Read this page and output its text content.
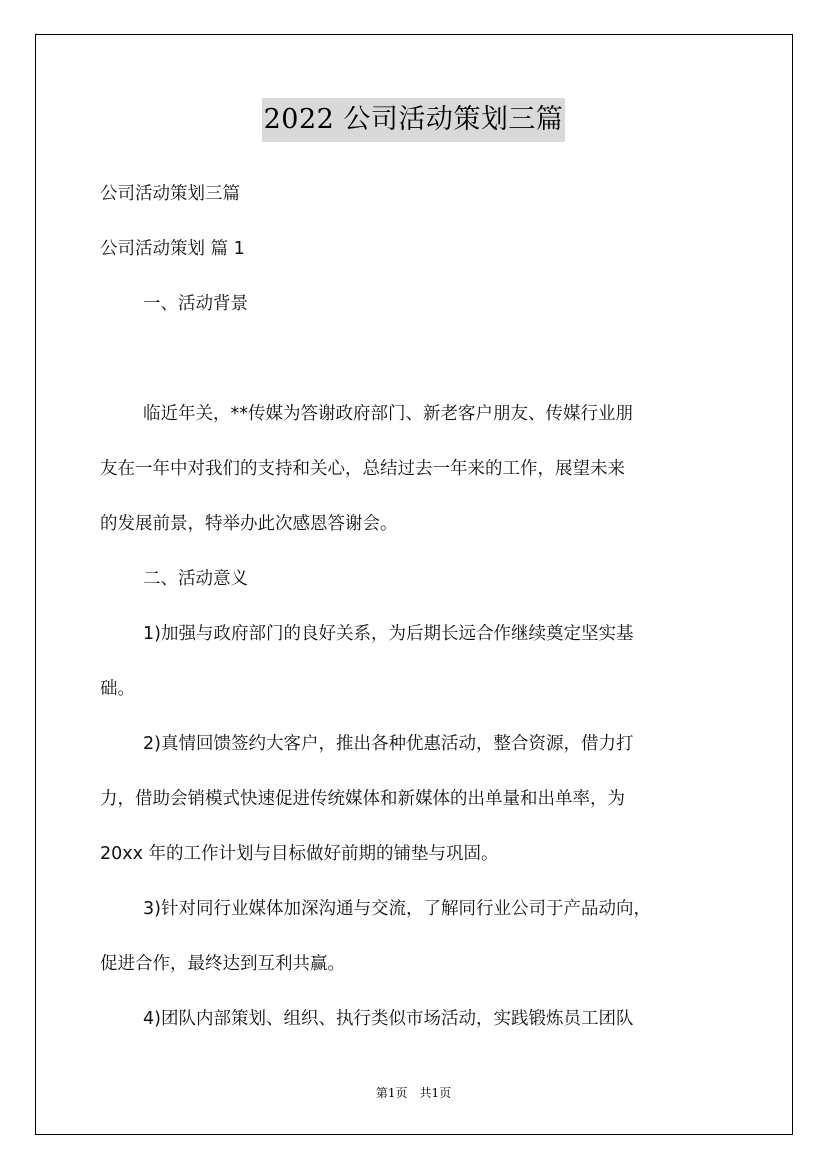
2022 公司活动策划三篇
公司活动策划三篇
公司活动策划 篇 1
一、活动背景
临近年关，**传媒为答谢政府部门、新老客户朋友、传媒行业朋
友在一年中对我们的支持和关心，总结过去一年来的工作，展望未来
的发展前景，特举办此次感恩答谢会。
二、活动意义
1)加强与政府部门的良好关系，为后期长远合作继续奠定坚实基
础。
2)真情回馈签约大客户，推出各种优惠活动，整合资源，借力打
力，借助会销模式快速促进传统媒体和新媒体的出单量和出单率，为
20xx 年的工作计划与目标做好前期的铺垫与巩固。
3)针对同行业媒体加深沟通与交流，了解同行业公司于产品动向，
促进合作，最终达到互利共赢。
4)团队内部策划、组织、执行类似市场活动，实践锻炼员工团队
第1页　共1页
